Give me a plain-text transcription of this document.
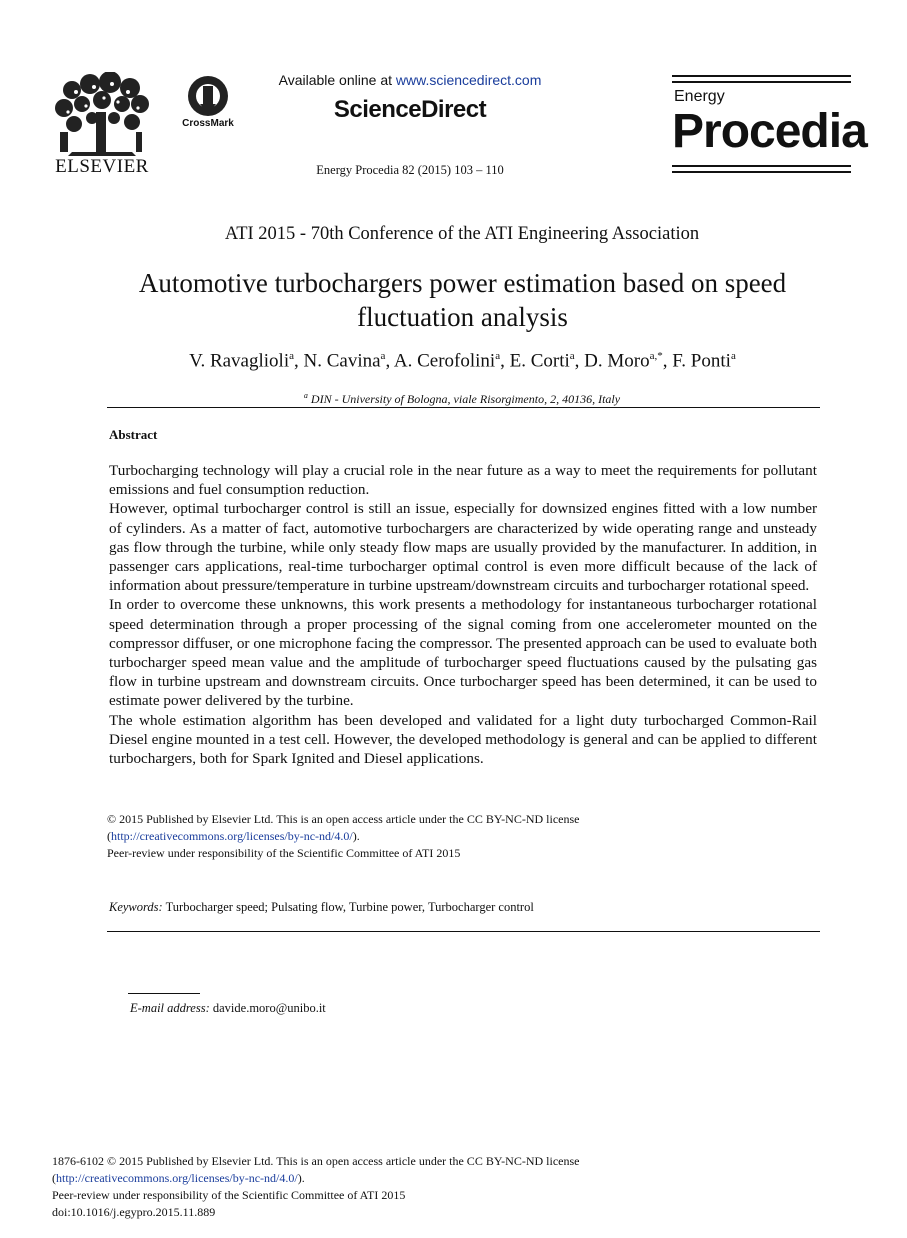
ELSEVIER
CrossMark
Available online at www.sciencedirect.com
ScienceDirect
Energy Procedia 82 (2015) 103 – 110
Energy
Procedia
ATI 2015 - 70th Conference of the ATI Engineering Association
Automotive turbochargers power estimation based on speed
fluctuation analysis
V. Ravaglioli$^a$, N. Cavina$^a$, A. Cerofolini$^a$, E. Corti$^a$, D. Moro$^{a,*}$, F. Ponti$^a$
$^a$ DIN - University of Bologna, viale Risorgimento, 2, 40136, Italy
Abstract

Turbocharging technology will play a crucial role in the near future as a way to meet the requirements for pollutant emissions and fuel consumption reduction.

However, optimal turbocharger control is still an issue, especially for downsized engines fitted with a low number of cylinders. As a matter of fact, automotive turbochargers are characterized by wide operating range and unsteady gas flow through the turbine, while only steady flow maps are usually provided by the manufacturer. In addition, in passenger cars applications, real-time turbocharger optimal control is even more difficult because of the lack of information about pressure/temperature in turbine upstream/downstream circuits and turbocharger rotational speed.

In order to overcome these unknowns, this work presents a methodology for instantaneous turbocharger rotational speed determination through a proper processing of the signal coming from one accelerometer mounted on the compressor diffuser, or one microphone facing the compressor. The presented approach can be used to evaluate both turbocharger speed mean value and the amplitude of turbocharger speed fluctuations caused by the pulsating gas flow in turbine upstream and downstream circuits. Once turbocharger speed has been determined, it can be used to estimate power delivered by the turbine.

The whole estimation algorithm has been developed and validated for a light duty turbocharged Common-Rail Diesel engine mounted in a test cell. However, the developed methodology is general and can be applied to different turbochargers, both for Spark Ignited and Diesel applications.

© 2015 Published by Elsevier Ltd. This is an open access article under the CC BY-NC-ND license
(http://creativecommons.org/licenses/by-nc-nd/4.0/).
Peer-review under responsibility of the Scientific Committee of ATI 2015
Keywords: Turbocharger speed; Pulsating flow, Turbine power, Turbocharger control
E-mail address: davide.moro@unibo.it
1876-6102 © 2015 Published by Elsevier Ltd. This is an open access article under the CC BY-NC-ND license
(http://creativecommons.org/licenses/by-nc-nd/4.0/).
Peer-review under responsibility of the Scientific Committee of ATI 2015
doi:10.1016/j.egypro.2015.11.889
